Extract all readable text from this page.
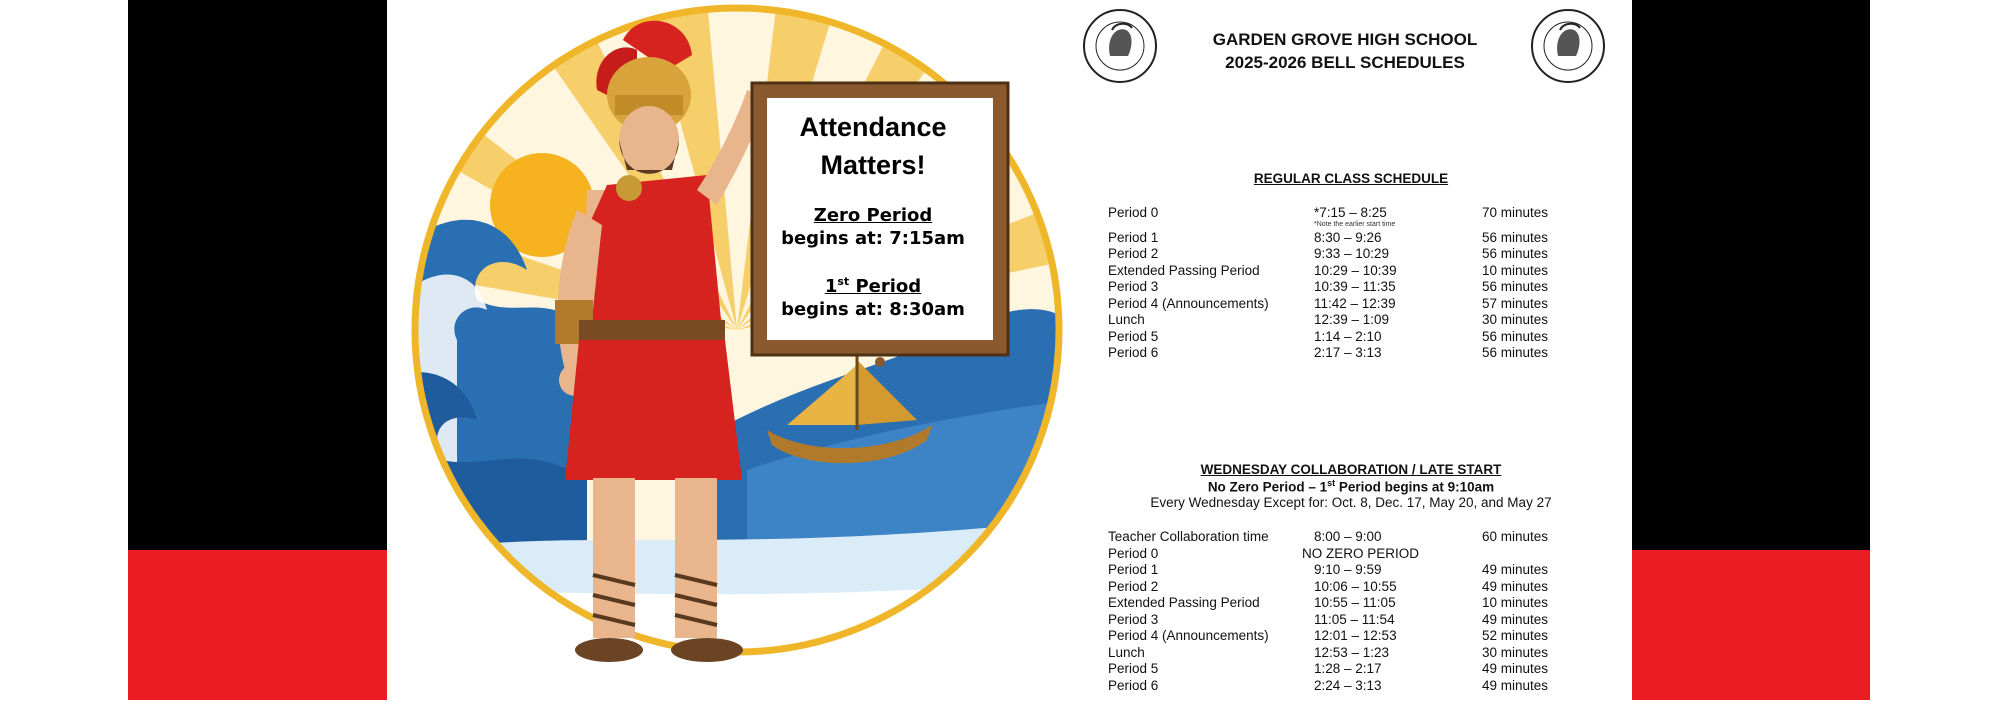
Attendance
Matters!
Zero Period
begins at: 7:15am
1st Period
begins at: 8:30am
GARDEN GROVE HIGH SCHOOL
2025-2026 BELL SCHEDULES
REGULAR CLASS SCHEDULE
Period 0	*7:15 – 8:25	70 minutes
Period 1	8:30 – 9:26	56 minutes
Period 2	9:33 – 10:29	56 minutes
Extended Passing Period	10:29 – 10:39	10 minutes
Period 3	10:39 – 11:35	56 minutes
Period 4 (Announcements)	11:42 – 12:39	57 minutes
Lunch	12:39 – 1:09	30 minutes
Period 5	1:14 – 2:10	56 minutes
Period 6	2:17 – 3:13	56 minutes
*Note the earlier start time
WEDNESDAY COLLABORATION / LATE START
No Zero Period – 1st Period begins at 9:10am
Every Wednesday Except for: Oct. 8, Dec. 17, May 20, and May 27
Teacher Collaboration time	8:00 – 9:00	60 minutes
Period 0	NO ZERO PERIOD
Period 1	9:10 – 9:59	49 minutes
Period 2	10:06 – 10:55	49 minutes
Extended Passing Period	10:55 – 11:05	10 minutes
Period 3	11:05 – 11:54	49 minutes
Period 4 (Announcements)	12:01 – 12:53	52 minutes
Lunch	12:53 – 1:23	30 minutes
Period 5	1:28 – 2:17	49 minutes
Period 6	2:24 – 3:13	49 minutes
